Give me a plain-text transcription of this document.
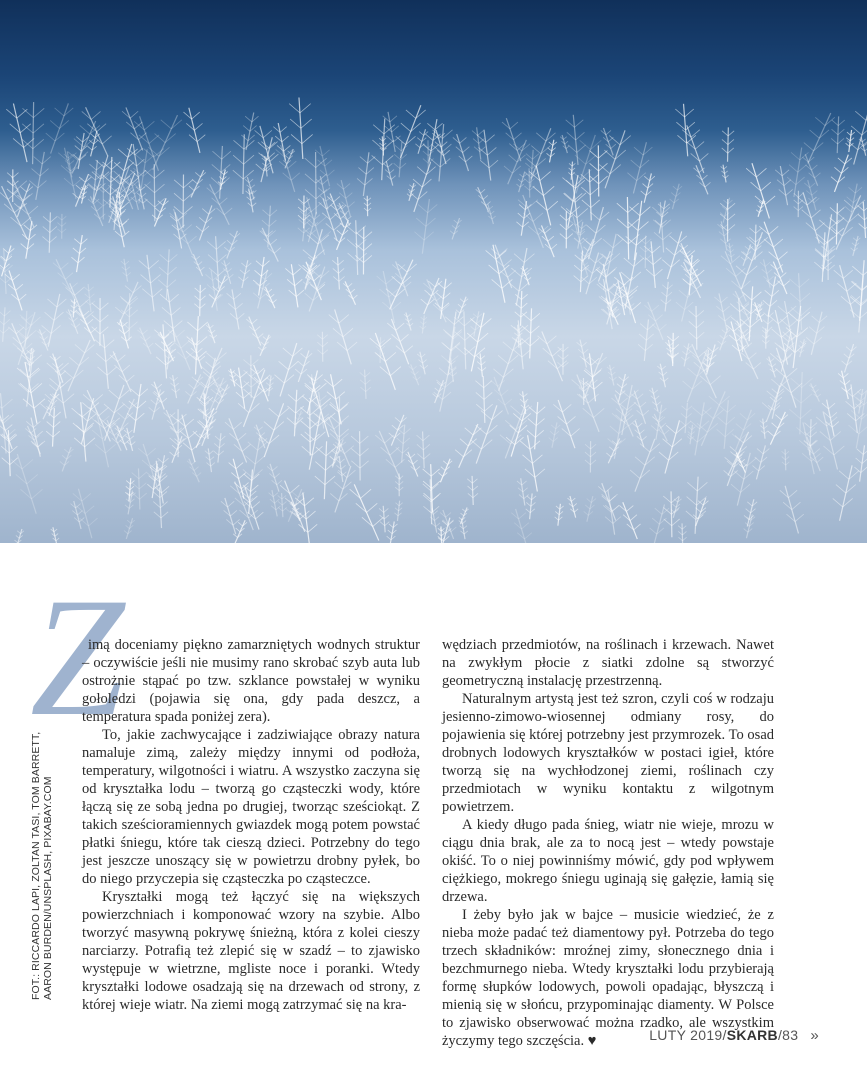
FOT.: RICCARDO LAPI, ZOLTAN TASI, TOM BARRETT, AARON BURDEN/UNSPLASH, PIXABAY.COM
Z

imą doceniamy piękno zamarzniętych wodnych struktur – oczywiście jeśli nie musimy rano skrobać szyb auta lub ostrożnie stąpać po tzw. szklance powstałej w wyniku gołoledzi (pojawia się ona, gdy pada deszcz, a temperatura spada poniżej zera).

To, jakie zachwycające i zadziwiające obrazy natura namaluje zimą, zależy między innymi od podłoża, temperatury, wilgotności i wiatru. A wszystko zaczyna się od kryształka lodu – tworzą go cząsteczki wody, które łączą się ze sobą jedna po drugiej, tworząc sześciokąt. Z takich sześcioramiennych gwiazdek mogą potem powstać płatki śniegu, które tak cieszą dzieci. Potrzebny do tego jest jeszcze unoszący się w powietrzu drobny pyłek, bo do niego przyczepia się cząsteczka po cząsteczce.

Kryształki mogą też łączyć się na większych powierzchniach i komponować wzory na szybie. Albo tworzyć masywną pokrywę śnieżną, która z kolei cieszy narciarzy. Potrafią też zlepić się w szadź – to zjawisko występuje w wietrzne, mgliste noce i poranki. Wtedy kryształki lodowe osadzają się na drzewach od strony, z której wieje wiatr. Na ziemi mogą zatrzymać się na kra-

wędziach przedmiotów, na roślinach i krzewach. Nawet na zwykłym płocie z siatki zdolne są stworzyć geometryczną instalację przestrzenną.

Naturalnym artystą jest też szron, czyli coś w rodzaju jesienno-zimowo-wiosennej odmiany rosy, do pojawienia się której potrzebny jest przymrozek. To osad drobnych lodowych kryształków w postaci igieł, które tworzą się na wychłodzonej ziemi, roślinach czy przedmiotach w wyniku kontaktu z wilgotnym powietrzem.

A kiedy długo pada śnieg, wiatr nie wieje, mrozu w ciągu dnia brak, ale za to nocą jest – wtedy powstaje okiść. To o niej powinniśmy mówić, gdy pod wpływem ciężkiego, mokrego śniegu uginają się gałęzie, łamią się drzewa.

I żeby było jak w bajce – musicie wiedzieć, że z nieba może padać też diamentowy pył. Potrzeba do tego trzech składników: mroźnej zimy, słonecznego dnia i bezchmurnego nieba. Wtedy kryształki lodu przybierają formę słupków lodowych, powoli opadając, błyszczą i mienią się w słońcu, przypominając diamenty. W Polsce to zjawisko obserwować można rzadko, ale wszystkim życzymy tego szczęścia. ♥	LUTY 2019/SKARB/83 »
